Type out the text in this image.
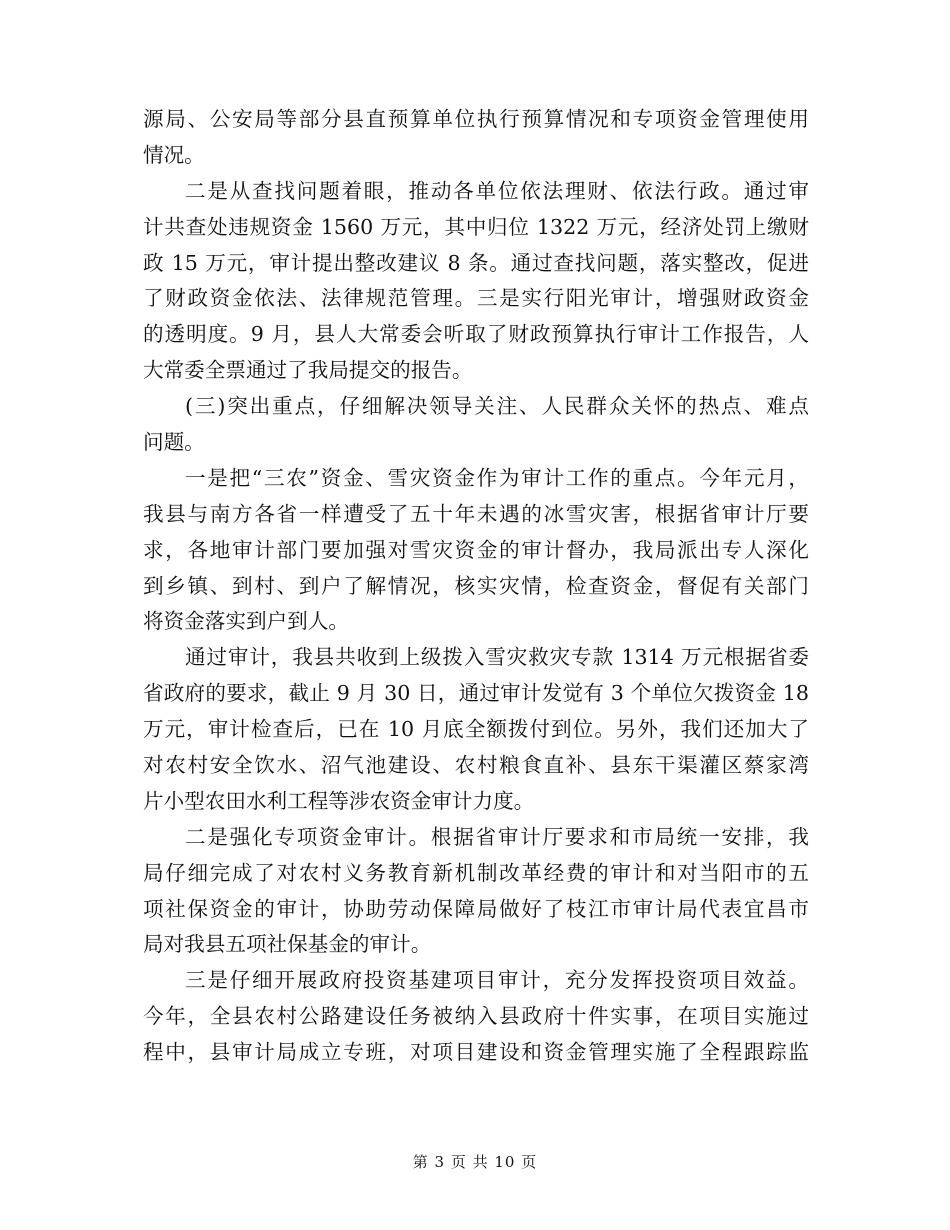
源局、公安局等部分县直预算单位执行预算情况和专项资金管理使用
情况。
二是从查找问题着眼，推动各单位依法理财、依法行政。通过审
计共查处违规资金 1560 万元，其中归位 1322 万元，经济处罚上缴财
政 15 万元，审计提出整改建议 8 条。通过查找问题，落实整改，促进
了财政资金依法、法律规范管理。三是实行阳光审计，增强财政资金
的透明度。9 月，县人大常委会听取了财政预算执行审计工作报告，人
大常委全票通过了我局提交的报告。
(三)突出重点，仔细解决领导关注、人民群众关怀的热点、难点
问题。
一是把“三农”资金、雪灾资金作为审计工作的重点。今年元月，
我县与南方各省一样遭受了五十年未遇的冰雪灾害，根据省审计厅要
求，各地审计部门要加强对雪灾资金的审计督办，我局派出专人深化
到乡镇、到村、到户了解情况，核实灾情，检查资金，督促有关部门
将资金落实到户到人。
通过审计，我县共收到上级拨入雪灾救灾专款 1314 万元根据省委
省政府的要求，截止 9 月 30 日，通过审计发觉有 3 个单位欠拨资金 18
万元，审计检查后，已在 10 月底全额拨付到位。另外，我们还加大了
对农村安全饮水、沼气池建设、农村粮食直补、县东干渠灌区蔡家湾
片小型农田水利工程等涉农资金审计力度。
二是强化专项资金审计。根据省审计厅要求和市局统一安排，我
局仔细完成了对农村义务教育新机制改革经费的审计和对当阳市的五
项社保资金的审计，协助劳动保障局做好了枝江市审计局代表宜昌市
局对我县五项社保基金的审计。
三是仔细开展政府投资基建项目审计，充分发挥投资项目效益。
今年，全县农村公路建设任务被纳入县政府十件实事，在项目实施过
程中，县审计局成立专班，对项目建设和资金管理实施了全程跟踪监
第 3 页 共 10 页
